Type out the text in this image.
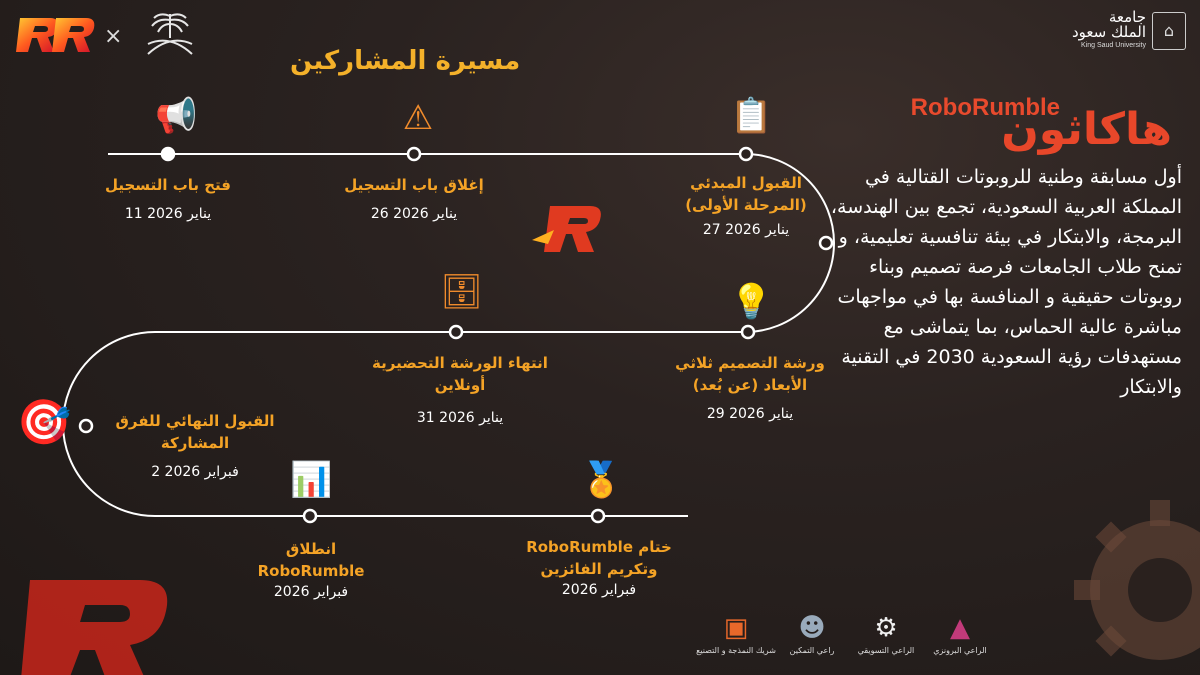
×
جامعة
الملك سعود
King Saud University
⌂
مسيرة المشاركين
RoboRumble
هاكاثون
أول مسابقة وطنية للروبوتات القتالية في المملكة العربية السعودية، تجمع بين الهندسة، البرمجة، والابتكار في بيئة تنافسية تعليمية، و تمنح طلاب الجامعات فرصة تصميم وبناء روبوتات حقيقية و المنافسة بها في مواجهات مباشرة عالية الحماس، بما يتماشى مع مستهدفات رؤية السعودية 2030 في التقنية والابتكار
📢	⚠	📋
💡
🗄
🎯
📊	🏅
فتح باب التسجيل
11 يناير 2026
إغلاق باب التسجيل
26 يناير 2026
القبول المبدئي (المرحلة الأولى)
27 يناير 2026
ورشة التصميم ثلاثي الأبعاد (عن بُعد)
29 يناير 2026
انتهاء الورشة التحضيرية أونلاين
31 يناير 2026
القبول النهائي للفرق المشاركة
2 فبراير 2026
انطلاق RoboRumble
فبراير 2026
ختام RoboRumble وتكريم الفائزين
فبراير 2026
▲
الراعي البرونزي
⚙
الراعي التسويقي
☻
راعي التمكين
▣
شريك النمذجة و التصنيع
